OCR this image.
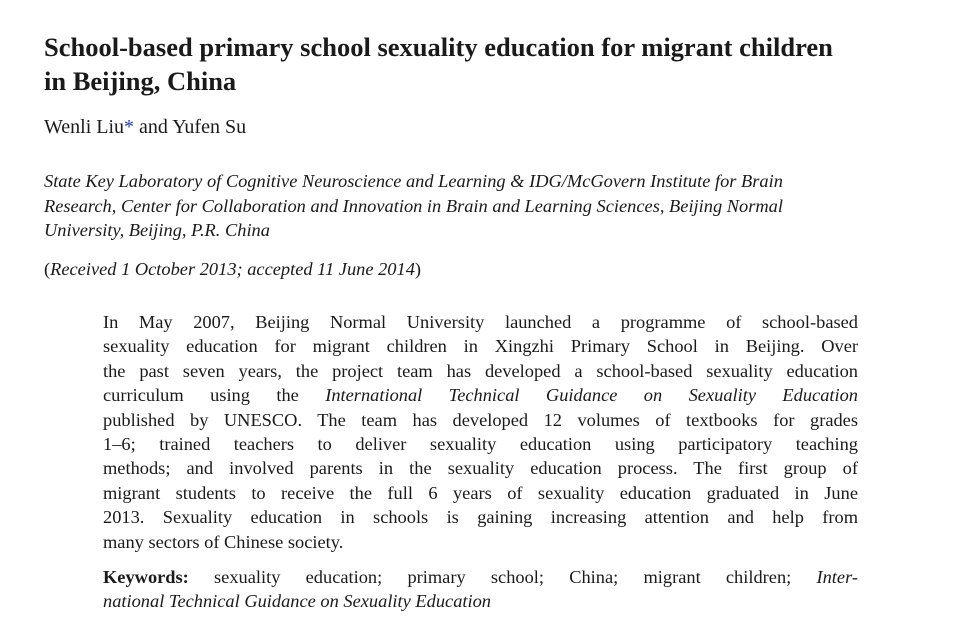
School-based primary school sexuality education for migrant children
in Beijing, China
Wenli Liu* and Yufen Su
State Key Laboratory of Cognitive Neuroscience and Learning & IDG/McGovern Institute for Brain
Research, Center for Collaboration and Innovation in Brain and Learning Sciences, Beijing Normal
University, Beijing, P.R. China
(Received 1 October 2013; accepted 11 June 2014)
In May 2007, Beijing Normal University launched a programme of school-based
sexuality education for migrant children in Xingzhi Primary School in Beijing. Over
the past seven years, the project team has developed a school-based sexuality education
curriculum using the International Technical Guidance on Sexuality Education
published by UNESCO. The team has developed 12 volumes of textbooks for grades
1–6; trained teachers to deliver sexuality education using participatory teaching
methods; and involved parents in the sexuality education process. The first group of
migrant students to receive the full 6 years of sexuality education graduated in June
2013. Sexuality education in schools is gaining increasing attention and help from
many sectors of Chinese society.
Keywords: sexuality education; primary school; China; migrant children; Inter-
national Technical Guidance on Sexuality Education
